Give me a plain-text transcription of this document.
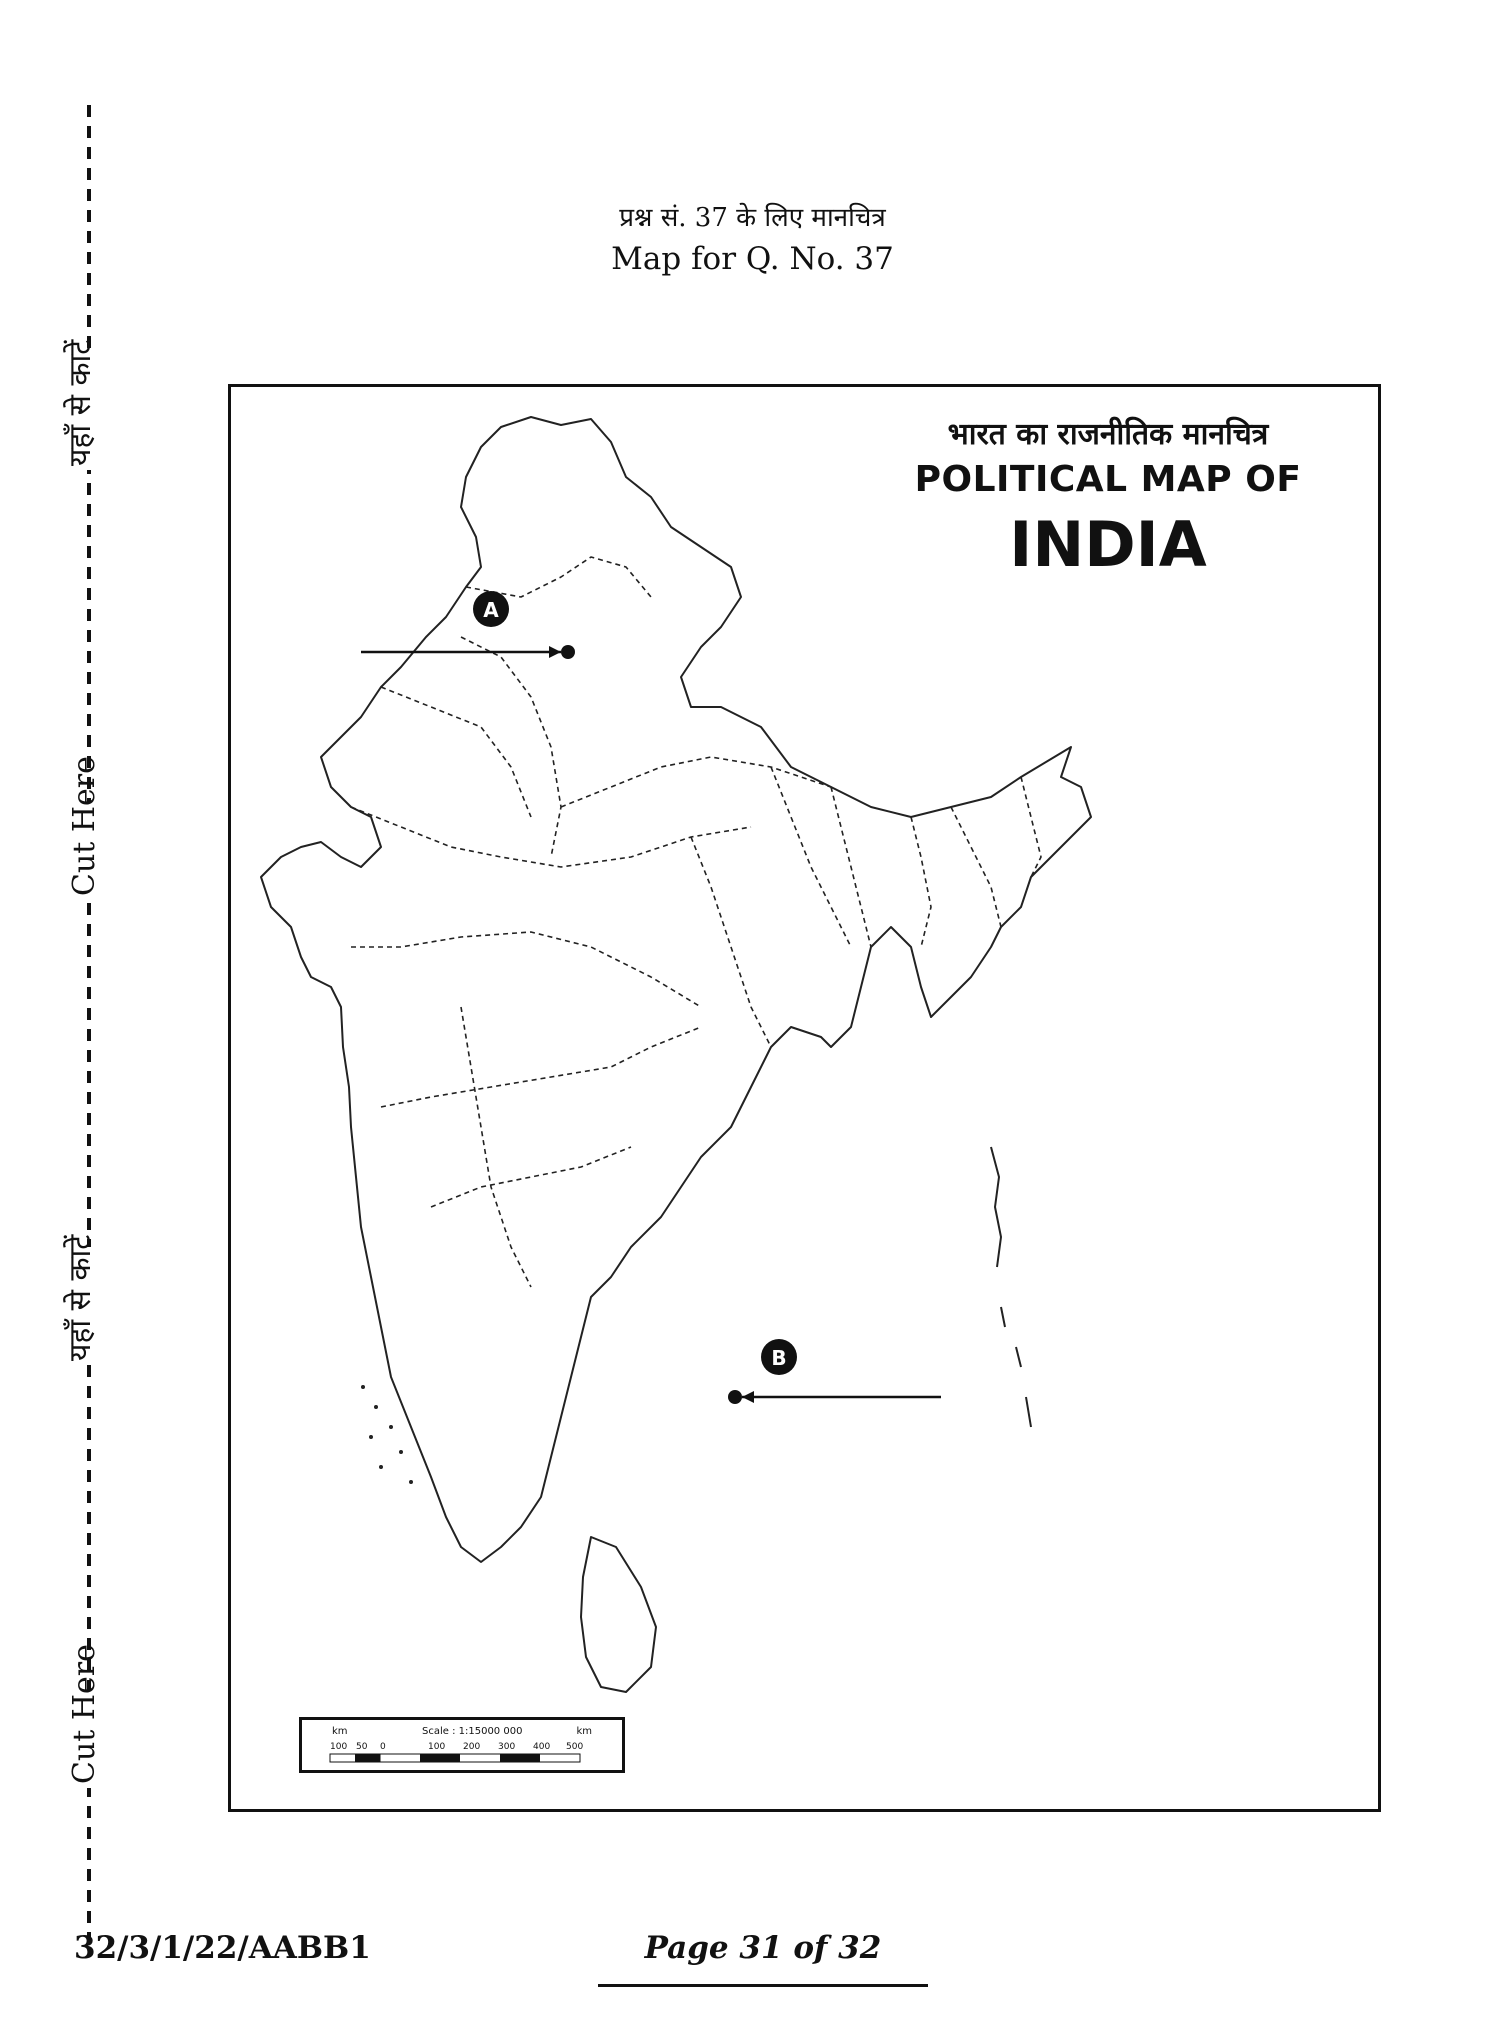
यहाँ से काटें
Cut Here
यहाँ से काटें
Cut Here
प्रश्न सं. 37 के लिए मानचित्र
Map for Q. No. 37
A
B
भारत का राजनीतिक मानचित्र
POLITICAL MAP OF
INDIA
km	Scale : 1:15000 000	km
100 50 0	100 200 300 400 500
32/3/1/22/AABB1	Page 31 of 32
